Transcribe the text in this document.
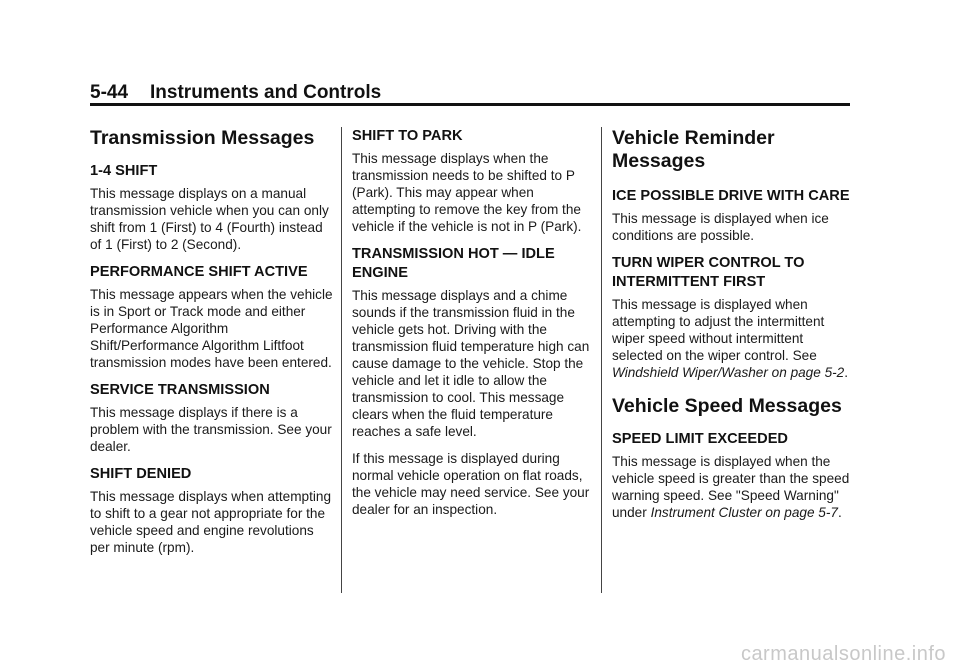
5-44 Instruments and Controls
Transmission Messages
1-4 SHIFT

This message displays on a manual transmission vehicle when you can only shift from 1 (First) to 4 (Fourth) instead of 1 (First) to 2 (Second).

PERFORMANCE SHIFT ACTIVE

This message appears when the vehicle is in Sport or Track mode and either Performance Algorithm Shift/Performance Algorithm Liftfoot transmission modes have been entered.

SERVICE TRANSMISSION

This message displays if there is a problem with the transmission. See your dealer.

SHIFT DENIED

This message displays when attempting to shift to a gear not appropriate for the vehicle speed and engine revolutions per minute (rpm).

SHIFT TO PARK

This message displays when the transmission needs to be shifted to P (Park). This may appear when attempting to remove the key from the vehicle if the vehicle is not in P (Park).

TRANSMISSION HOT — IDLE ENGINE

This message displays and a chime sounds if the transmission fluid in the vehicle gets hot. Driving with the transmission fluid temperature high can cause damage to the vehicle. Stop the vehicle and let it idle to allow the transmission to cool. This message clears when the fluid temperature reaches a safe level.

If this message is displayed during normal vehicle operation on flat roads, the vehicle may need service. See your dealer for an inspection.

Vehicle Reminder Messages
ICE POSSIBLE DRIVE WITH CARE

This message is displayed when ice conditions are possible.

TURN WIPER CONTROL TO INTERMITTENT FIRST

This message is displayed when attempting to adjust the intermittent wiper speed without intermittent selected on the wiper control. See Windshield Wiper/Washer on page 5-2.

Vehicle Speed Messages
SPEED LIMIT EXCEEDED

This message is displayed when the vehicle speed is greater than the speed warning speed. See "Speed Warning" under Instrument Cluster on page 5-7.

carmanualsonline.info
